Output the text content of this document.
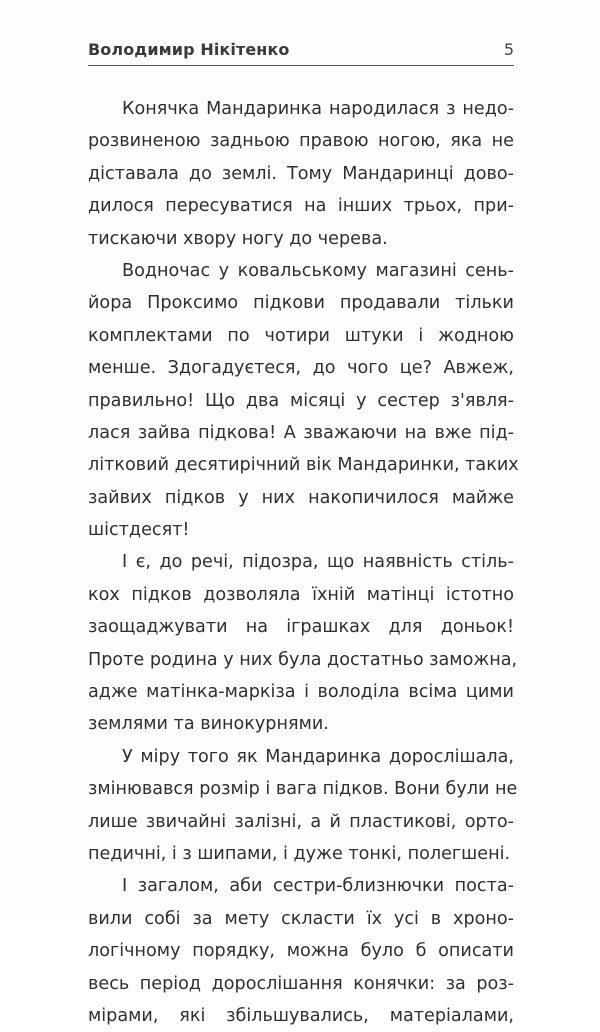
Володимир Нікітенко	5
Конячка Мандаринка народилася з недо-
розвиненою задньою правою ногою, яка не
діставала до землі. Тому Мандаринці дово-
дилося пересуватися на інших трьох, при-
тискаючи хвору ногу до черева.
Водночас у ковальському магазині сень-
йора Проксимо підкови продавали тільки
комплектами по чотири штуки і жодною
менше. Здогадуєтеся, до чого це? Авжеж,
правильно! Що два місяці у сестер з'явля-
лася зайва підкова! А зважаючи на вже під-
літковий десятирічний вік Мандаринки, таких
зайвих підков у них накопичилося майже
шістдесят!
І є, до речі, підозра, що наявність стіль-
кох підков дозволяла їхній матінці істотно
заощаджувати на іграшках для доньок!
Проте родина у них була достатньо заможна,
адже матінка-маркіза і володіла всіма цими
землями та винокурнями.
У міру того як Мандаринка дорослішала,
змінювався розмір і вага підков. Вони були не
лише звичайні залізні, а й пластикові, орто-
педичні, і з шипами, і дуже тонкі, полегшені.
І загалом, аби сестри-близнючки поста-
вили собі за мету скласти їх усі в хроно-
логічному порядку, можна було б описати
весь період дорослішання конячки: за роз-
мірами, які збільшувались, матеріалами,
